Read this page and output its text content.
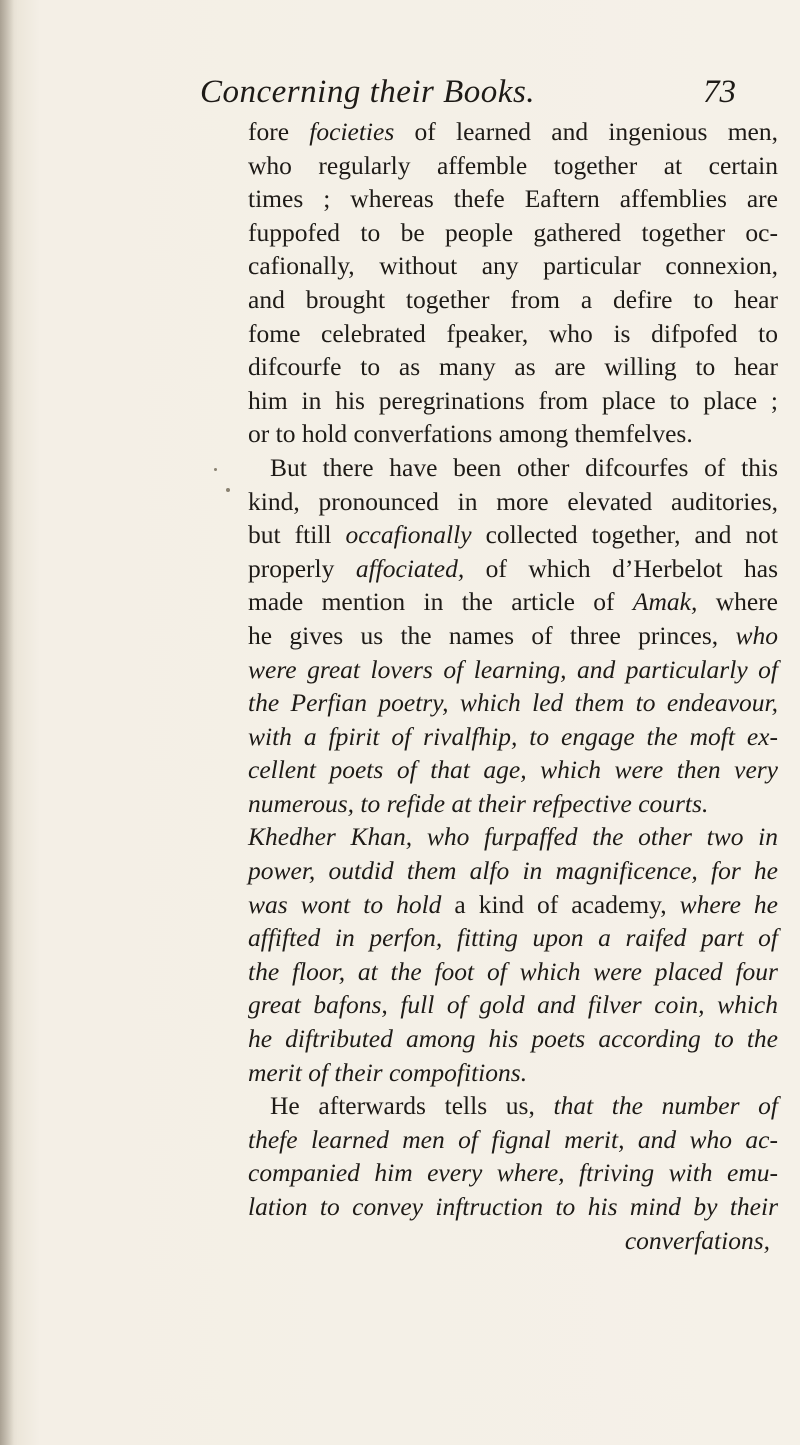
Concerning their Books.	73
fore focieties of learned and ingenious men,
who regularly affemble together at certain
times ; whereas thefe Eaftern affemblies are
fuppofed to be people gathered together oc-
cafionally, without any particular connexion,
and brought together from a defire to hear
fome celebrated fpeaker, who is difpofed to
difcourfe to as many as are willing to hear
him in his peregrinations from place to place ;
or to hold converfations among themfelves.
But there have been other difcourfes of this
kind, pronounced in more elevated auditories,
but ftill occafionally collected together, and not
properly affociated, of which d’Herbelot has
made mention in the article of Amak, where
he gives us the names of three princes, who
were great lovers of learning, and particularly of
the Perfian poetry, which led them to endeavour,
with a fpirit of rivalfhip, to engage the moft ex-
cellent poets of that age, which were then very
numerous, to refide at their refpective courts.
Khedher Khan, who furpaffed the other two in
power, outdid them alfo in magnificence, for he
was wont to hold a kind of academy, where he
affifted in perfon, fitting upon a raifed part of
the floor, at the foot of which were placed four
great bafons, full of gold and filver coin, which
he diftributed among his poets according to the
merit of their compofitions.
He afterwards tells us, that the number of
thefe learned men of fignal merit, and who ac-
companied him every where, ftriving with emu-
lation to convey inftruction to his mind by their
converfations,
